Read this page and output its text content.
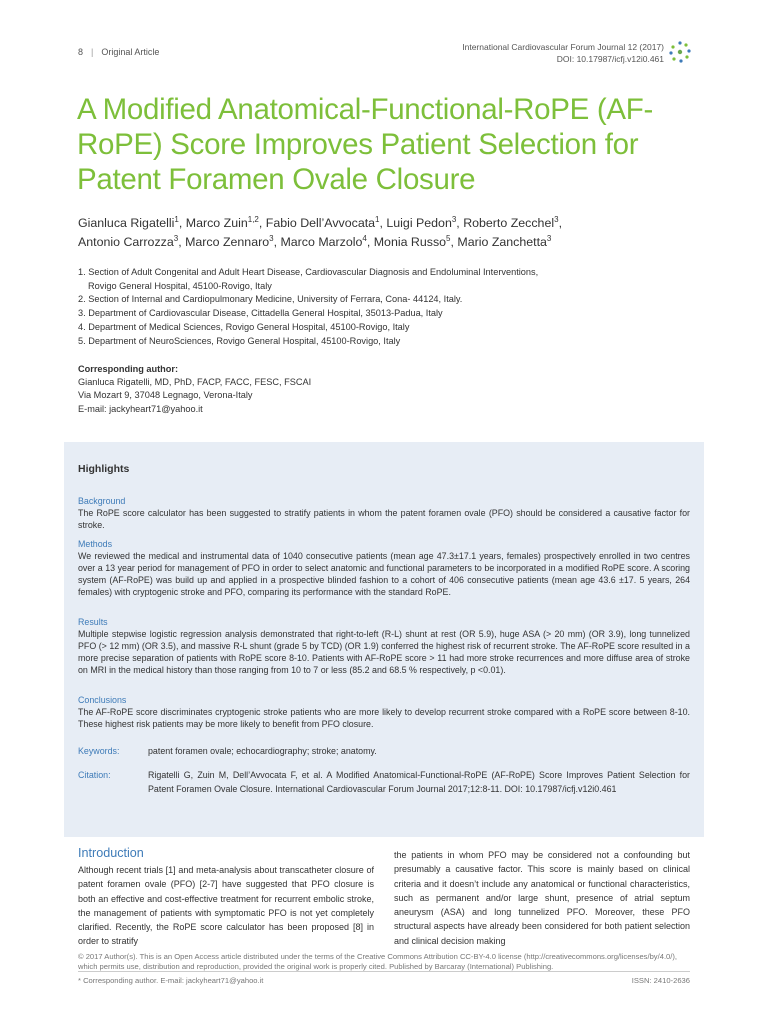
8 | Original Article	International Cardiovascular Forum Journal 12 (2017)
DOI: 10.17987/icfj.v12i0.461
A Modified Anatomical-Functional-RoPE (AF-RoPE) Score Improves Patient Selection for Patent Foramen Ovale Closure
Gianluca Rigatelli$^1$, Marco Zuin$^{1,2}$, Fabio Dell’Avvocata$^1$, Luigi Pedon$^3$, Roberto Zecchel$^3$,
Antonio Carrozza$^3$, Marco Zennaro$^3$, Marco Marzolo$^4$, Monia Russo$^5$, Mario Zanchetta$^3$
1. Section of Adult Congenital and Adult Heart Disease, Cardiovascular Diagnosis and Endoluminal Interventions,
Rovigo General Hospital, 45100-Rovigo, Italy
2. Section of Internal and Cardiopulmonary Medicine, University of Ferrara, Cona- 44124, Italy.
3. Department of Cardiovascular Disease, Cittadella General Hospital, 35013-Padua, Italy
4. Department of Medical Sciences, Rovigo General Hospital, 45100-Rovigo, Italy
5. Department of NeuroSciences, Rovigo General Hospital, 45100-Rovigo, Italy
Corresponding author:
Gianluca Rigatelli, MD, PhD, FACP, FACC, FESC, FSCAI
Via Mozart 9, 37048 Legnago, Verona-Italy
E-mail: jackyheart71@yahoo.it
Highlights
Background
The RoPE score calculator has been suggested to stratify patients in whom the patent foramen ovale (PFO) should be considered a causative factor for stroke.
Methods
We reviewed the medical and instrumental data of 1040 consecutive patients (mean age 47.3±17.1 years, females) prospectively enrolled in two centres over a 13 year period for management of PFO in order to select anatomic and functional parameters to be incorporated in a modified RoPE score. A scoring system (AF-RoPE) was build up and applied in a prospective blinded fashion to a cohort of 406 consecutive patients (mean age 43.6 ±17. 5 years, 264 females) with cryptogenic stroke and PFO, comparing its performance with the standard RoPE.
Results
Multiple stepwise logistic regression analysis demonstrated that right-to-left (R-L) shunt at rest (OR 5.9), huge ASA (> 20 mm) (OR 3.9), long tunnelized PFO (> 12 mm) (OR 3.5), and massive R-L shunt (grade 5 by TCD) (OR 1.9) conferred the highest risk of recurrent stroke. The AF-RoPE score resulted in a more precise separation of patients with RoPE score 8-10. Patients with AF-RoPE score > 11 had more stroke recurrences and more diffuse area of stroke on MRI in the medical history than those ranging from 10 to 7 or less (85.2 and 68.5 % respectively, p <0.01).
Conclusions
The AF-RoPE score discriminates cryptogenic stroke patients who are more likely to develop recurrent stroke compared with a RoPE score between 8-10. These highest risk patients may be more likely to benefit from PFO closure.
Keywords:	patent foramen ovale; echocardiography; stroke; anatomy.
Citation:	Rigatelli G, Zuin M, Dell’Avvocata F, et al. A Modified Anatomical-Functional-RoPE (AF-RoPE) Score Improves Patient Selection for Patent Foramen Ovale Closure. International Cardiovascular Forum Journal 2017;12:8-11. DOI: 10.17987/icfj.v12i0.461
Introduction
Although recent trials [1] and meta-analysis about transcatheter closure of patent foramen ovale (PFO) [2-7] have suggested that PFO closure is both an effective and cost-effective treatment for recurrent embolic stroke, the management of patients with symptomatic PFO is not yet completely clarified. Recently, the RoPE score calculator has been proposed [8] in order to stratify
the patients in whom PFO may be considered not a confounding but presumably a causative factor. This score is mainly based on clinical criteria and it doesn’t include any anatomical or functional characteristics, such as permanent and/or large shunt, presence of atrial septum aneurysm (ASA) and long tunnelized PFO. Moreover, these PFO structural aspects have already been considered for both patient selection and clinical decision making
© 2017 Author(s). This is an Open Access article distributed under the terms of the Creative Commons Attribution CC-BY-4.0 license (http://creativecommons.org/licenses/by/4.0/), which permits use, distribution and reproduction, provided the original work is properly cited. Published by Barcaray (International) Publishing.
* Corresponding author. E-mail: jackyheart71@yahoo.it	ISSN: 2410-2636
